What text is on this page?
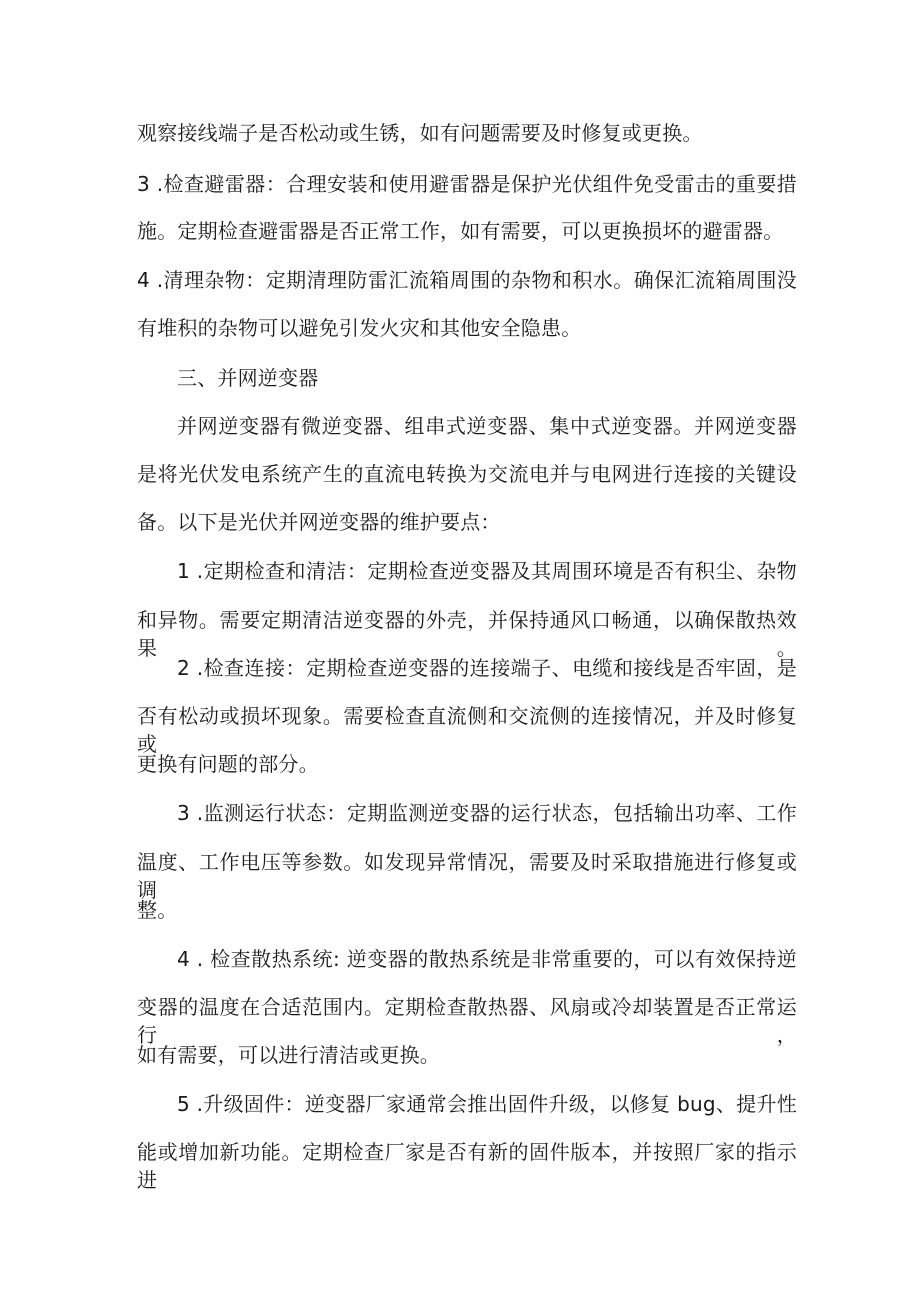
观察接线端子是否松动或生锈，如有问题需要及时修复或更换。
3 .检查避雷器：合理安装和使用避雷器是保护光伏组件免受雷击的重要措
施。定期检查避雷器是否正常工作，如有需要，可以更换损坏的避雷器。
4 .清理杂物：定期清理防雷汇流箱周围的杂物和积水。确保汇流箱周围没
有堆积的杂物可以避免引发火灾和其他安全隐患。
三、并网逆变器
并网逆变器有微逆变器、组串式逆变器、集中式逆变器。并网逆变器
是将光伏发电系统产生的直流电转换为交流电并与电网进行连接的关键设
备。以下是光伏并网逆变器的维护要点：
1 .定期检查和清洁：定期检查逆变器及其周围环境是否有积尘、杂物
和异物。需要定期清洁逆变器的外壳，并保持通风口畅通，以确保散热效果。
2 .检查连接：定期检查逆变器的连接端子、电缆和接线是否牢固，是
否有松动或损坏现象。需要检查直流侧和交流侧的连接情况，并及时修复或
更换有问题的部分。
3 .监测运行状态：定期监测逆变器的运行状态，包括输出功率、工作
温度、工作电压等参数。如发现异常情况，需要及时采取措施进行修复或调
整。
4 . 检查散热系统: 逆变器的散热系统是非常重要的，可以有效保持逆
变器的温度在合适范围内。定期检查散热器、风扇或冷却装置是否正常运行，
如有需要，可以进行清洁或更换。
5 .升级固件：逆变器厂家通常会推出固件升级，以修复 bug、提升性
能或增加新功能。定期检查厂家是否有新的固件版本，并按照厂家的指示进
